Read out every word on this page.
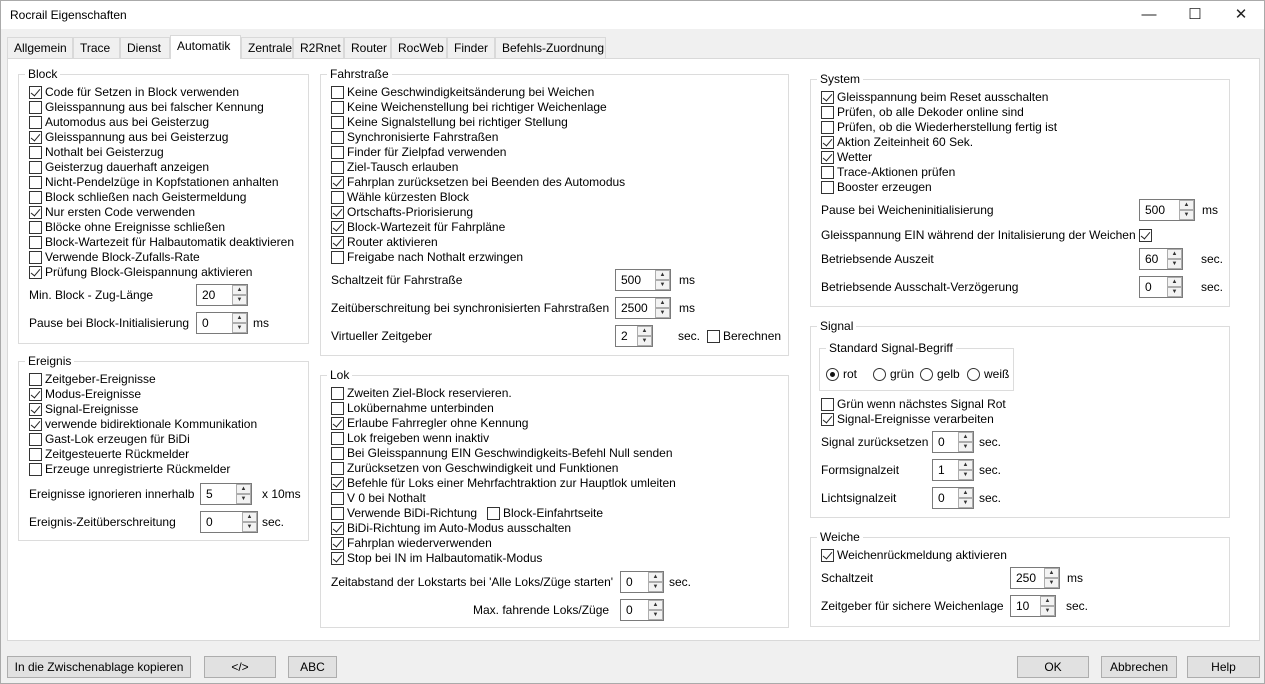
Rocrail Eigenschaften	—	☐	✕
Allgemein	Trace	Dienst	Automatik	Zentrale R2Rnet Router RocWeb Finder	Befehls-Zuordnung
Block
Code für Setzen in Block verwenden
Gleisspannung aus bei falscher Kennung
Automodus aus bei Geisterzug
Gleisspannung aus bei Geisterzug
Nothalt bei Geisterzug
Geisterzug dauerhaft anzeigen
Nicht-Pendelzüge in Kopfstationen anhalten
Block schließen nach Geistermeldung
Nur ersten Code verwenden
Blöcke ohne Ereignisse schließen
Block-Wartezeit für Halbautomatik deaktivieren
Verwende Block-Zufalls-Rate
Prüfung Block-Gleispannung aktivieren
Min. Block - Zug-Länge	20	▲
▼
Pause bei Block-Initialisierung 0	▲
▼ ms
Ereignis
Zeitgeber-Ereignisse
Modus-Ereignisse
Signal-Ereignisse
verwende bidirektionale Kommunikation
Gast-Lok erzeugen für BiDi
Zeitgesteuerte Rückmelder
Erzeuge unregistrierte Rückmelder
Ereignisse ignorieren innerhalb 5	▲
▼	x 10ms
Ereignis-Zeitüberschreitung	0	▲
▼ sec.
Fahrstraße
Keine Geschwindigkeitsänderung bei Weichen
Keine Weichenstellung bei richtiger Weichenlage
Keine Signalstellung bei richtiger Stellung
Synchronisierte Fahrstraßen
Finder für Zielpfad verwenden
Ziel-Tausch erlauben
Fahrplan zurücksetzen bei Beenden des Automodus
Wähle kürzesten Block
Ortschafts-Priorisierung
Block-Wartezeit für Fahrpläne
Router aktivieren
Freigabe nach Nothalt erzwingen
Schaltzeit für Fahrstraße	500	▲
▼	ms
Zeitüberschreitung bei synchronisierten Fahrstraßen 2500	▲
▼	ms
Virtueller Zeitgeber	2	▲
▼	sec.	Berechnen
Lok
Zweiten Ziel-Block reservieren.
Lokübernahme unterbinden
Erlaube Fahrregler ohne Kennung
Lok freigeben wenn inaktiv
Bei Gleisspannung EIN Geschwindigkeits-Befehl Null senden
Zurücksetzen von Geschwindigkeit und Funktionen
Befehle für Loks einer Mehrfachtraktion zur Hauptlok umleiten
V 0 bei Nothalt
Verwende BiDi-Richtung	Block-Einfahrtseite
BiDi-Richtung im Auto-Modus ausschalten
Fahrplan wiederverwenden
Stop bei IN im Halbautomatik-Modus
Zeitabstand der Lokstarts bei 'Alle Loks/Züge starten' 0	▲
▼ sec.
Max. fahrende Loks/Züge 0	▲
▼
System
Gleisspannung beim Reset ausschalten
Prüfen, ob alle Dekoder online sind
Prüfen, ob die Wiederherstellung fertig ist
Aktion Zeiteinheit 60 Sek.
Wetter
Trace-Aktionen prüfen
Booster erzeugen
Pause bei Weicheninitialisierung	500	▲
▼	ms
Gleisspannung EIN während der Initalisierung der Weichen
Betriebsende Auszeit	60	▲
▼	sec.
Betriebsende Ausschalt-Verzögerung	0	▲
▼	sec.
Signal
Standard Signal-Begriff
rot	grün	gelb	weiß
Grün wenn nächstes Signal Rot
Signal-Ereignisse verarbeiten
Signal zurücksetzen 0	▲
▼ sec.
Formsignalzeit	1	▲
▼ sec.
Lichtsignalzeit	0	▲
▼ sec.
Weiche
Weichenrückmeldung aktivieren
Schaltzeit	250	▲
▼	ms
Zeitgeber für sichere Weichenlage 10	▲
▼	sec.
In die Zwischenablage kopieren	</>	ABC	OK	Abbrechen	Help
